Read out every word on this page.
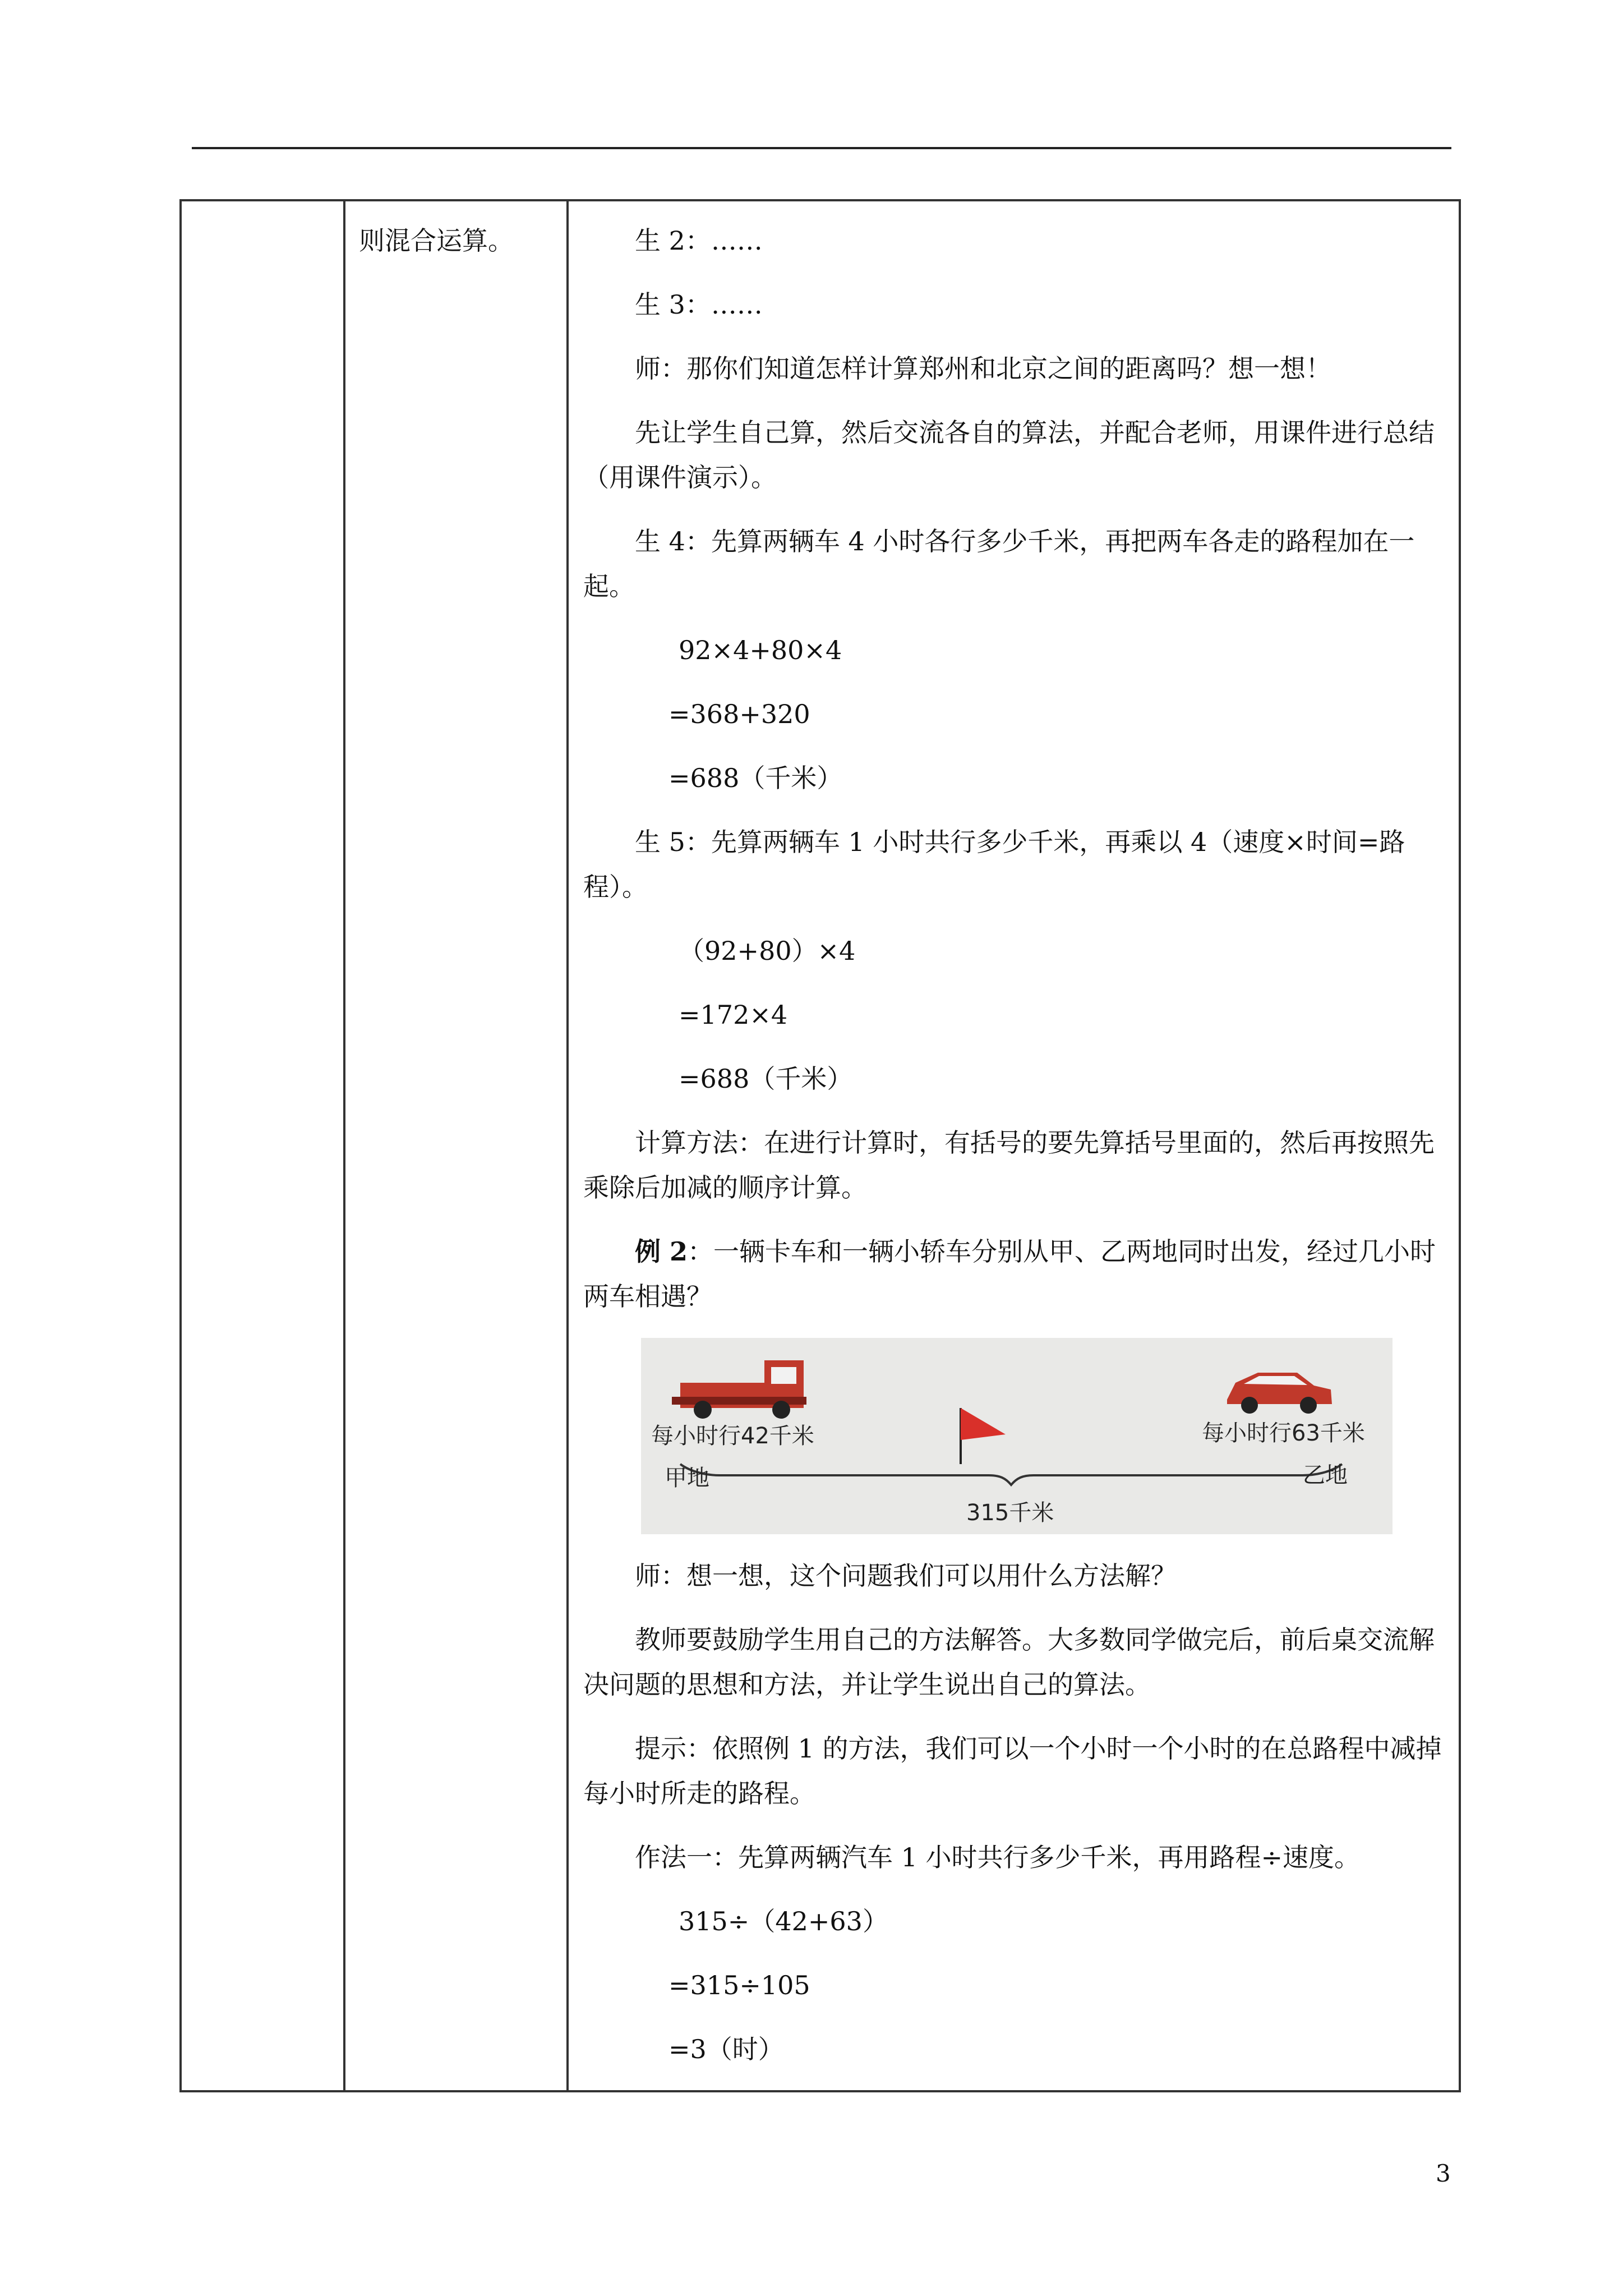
则混合运算。	生 2：……

生 3：……

师：那你们知道怎样计算郑州和北京之间的距离吗？想一想！

先让学生自己算，然后交流各自的算法，并配合老师，用课件进行总结（用课件演示）。

生 4：先算两辆车 4 小时各行多少千米，再把两车各走的路程加在一起。

92×4+80×4

=368+320

=688（千米）

生 5：先算两辆车 1 小时共行多少千米，再乘以 4（速度×时间=路程）。

（92+80）×4

=172×4

=688（千米）

计算方法：在进行计算时，有括号的要先算括号里面的，然后再按照先乘除后加减的顺序计算。

例 2：一辆卡车和一辆小轿车分别从甲、乙两地同时出发，经过几小时两车相遇？

每小时行42千米	每小时行63千米
甲地	乙地
315千米

师：想一想，这个问题我们可以用什么方法解？

教师要鼓励学生用自己的方法解答。大多数同学做完后，前后桌交流解决问题的思想和方法，并让学生说出自己的算法。

提示：依照例 1 的方法，我们可以一个小时一个小时的在总路程中减掉每小时所走的路程。

作法一：先算两辆汽车 1 小时共行多少千米，再用路程÷速度。

315÷（42+63）

=315÷105

=3（时）

3
